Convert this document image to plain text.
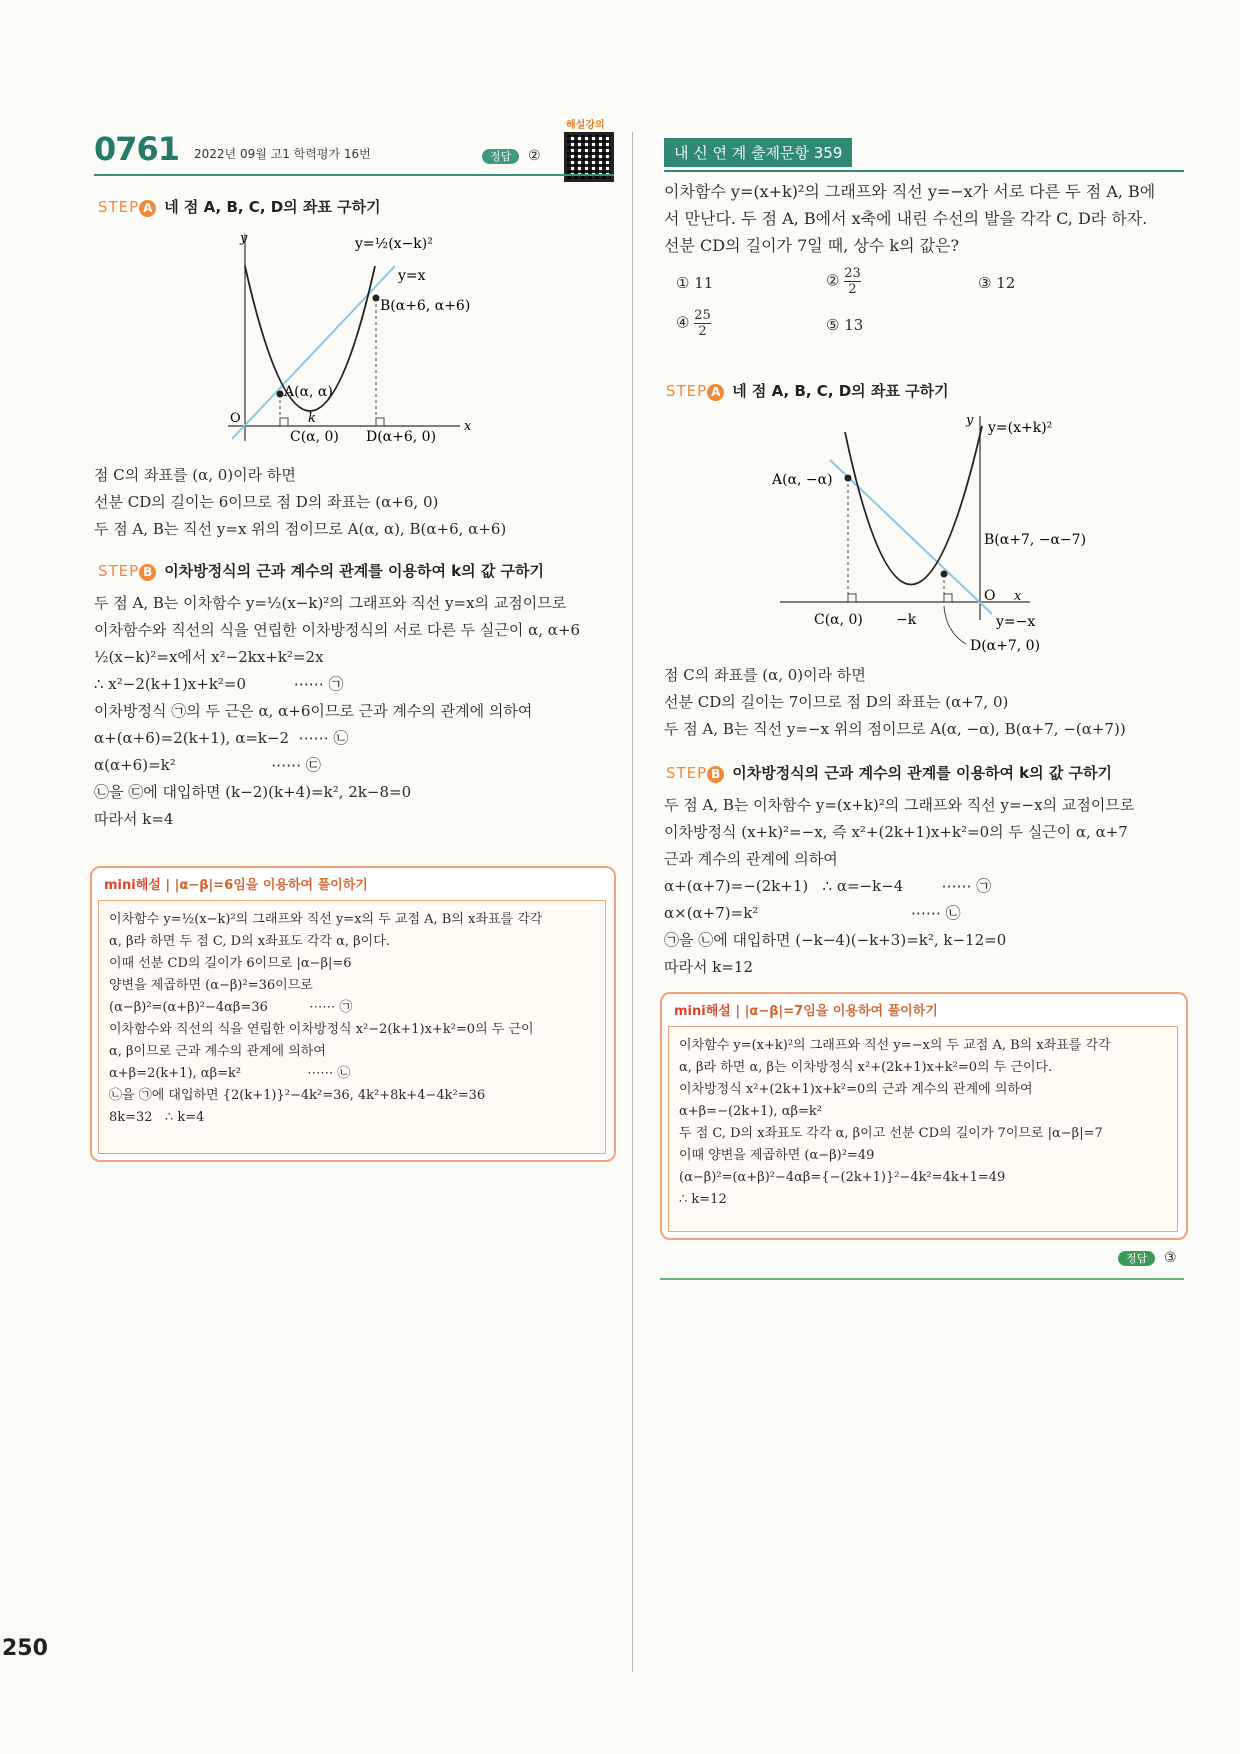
0761 2022년 09월 고1 학력평가 16번	정답 ②
해설강의
STEP A 네 점 A, B, C, D의 좌표 구하기
y
x
O
C(α, 0) D(α+6, 0)
A(α, α)
B(α+6, α+6)
k
y=½(x−k)²
y=x
점 C의 좌표를 (α, 0)이라 하면
선분 CD의 길이는 6이므로 점 D의 좌표는 (α+6, 0)
두 점 A, B는 직선 y=x 위의 점이므로 A(α, α), B(α+6, α+6)
STEP B 이차방정식의 근과 계수의 관계를 이용하여 k의 값 구하기
두 점 A, B는 이차함수 y=½(x−k)²의 그래프와 직선 y=x의 교점이므로
이차함수와 직선의 식을 연립한 이차방정식의 서로 다른 두 실근이 α, α+6
½(x−k)²=x에서 x²−2kx+k²=2x
∴ x²−2(k+1)x+k²=0          ⋯⋯ ㉠
이차방정식 ㉠의 두 근은 α, α+6이므로 근과 계수의 관계에 의하여
α+(α+6)=2(k+1), α=k−2  ⋯⋯ ㉡
α(α+6)=k²                    ⋯⋯ ㉢
㉡을 ㉢에 대입하면 (k−2)(k+4)=k², 2k−8=0
따라서 k=4
mini해설 | |α−β|=6임을 이용하여 풀이하기
이차함수 y=½(x−k)²의 그래프와 직선 y=x의 두 교점 A, B의 x좌표를 각각
α, β라 하면 두 점 C, D의 x좌표도 각각 α, β이다.
이때 선분 CD의 길이가 6이므로 |α−β|=6
양변을 제곱하면 (α−β)²=36이므로
(α−β)²=(α+β)²−4αβ=36          ⋯⋯ ㉠
이차함수와 직선의 식을 연립한 이차방정식 x²−2(k+1)x+k²=0의 두 근이
α, β이므로 근과 계수의 관계에 의하여
α+β=2(k+1), αβ=k²                ⋯⋯ ㉡
㉡을 ㉠에 대입하면 {2(k+1)}²−4k²=36, 4k²+8k+4−4k²=36
8k=32   ∴ k=4
250
내 신 연 계 출제문항 359
이차함수 y=(x+k)²의 그래프와 직선 y=−x가 서로 다른 두 점 A, B에
서 만난다. 두 점 A, B에서 x축에 내린 수선의 발을 각각 C, D라 하자.
선분 CD의 길이가 7일 때, 상수 k의 값은?
① 11	② $\frac{23}{2}$	③ 12
④ $\frac{25}{2}$	⑤ 13
STEP A 네 점 A, B, C, D의 좌표 구하기
y
x
O
y=(x+k)²
A(α, −α)
B(α+7, −α−7)
C(α, 0) −k	y=−x
D(α+7, 0)
점 C의 좌표를 (α, 0)이라 하면
선분 CD의 길이는 7이므로 점 D의 좌표는 (α+7, 0)
두 점 A, B는 직선 y=−x 위의 점이므로 A(α, −α), B(α+7, −(α+7))
STEP B 이차방정식의 근과 계수의 관계를 이용하여 k의 값 구하기
두 점 A, B는 이차함수 y=(x+k)²의 그래프와 직선 y=−x의 교점이므로
이차방정식 (x+k)²=−x, 즉 x²+(2k+1)x+k²=0의 두 실근이 α, α+7
근과 계수의 관계에 의하여
α+(α+7)=−(2k+1)   ∴ α=−k−4        ⋯⋯ ㉠
α×(α+7)=k²                                ⋯⋯ ㉡
㉠을 ㉡에 대입하면 (−k−4)(−k+3)=k², k−12=0
따라서 k=12
mini해설 | |α−β|=7임을 이용하여 풀이하기
이차함수 y=(x+k)²의 그래프와 직선 y=−x의 두 교점 A, B의 x좌표를 각각
α, β라 하면 α, β는 이차방정식 x²+(2k+1)x+k²=0의 두 근이다.
이차방정식 x²+(2k+1)x+k²=0의 근과 계수의 관계에 의하여
α+β=−(2k+1), αβ=k²
두 점 C, D의 x좌표도 각각 α, β이고 선분 CD의 길이가 7이므로 |α−β|=7
이때 양변을 제곱하면 (α−β)²=49
(α−β)²=(α+β)²−4αβ={−(2k+1)}²−4k²=4k+1=49
∴ k=12
정답 ③
